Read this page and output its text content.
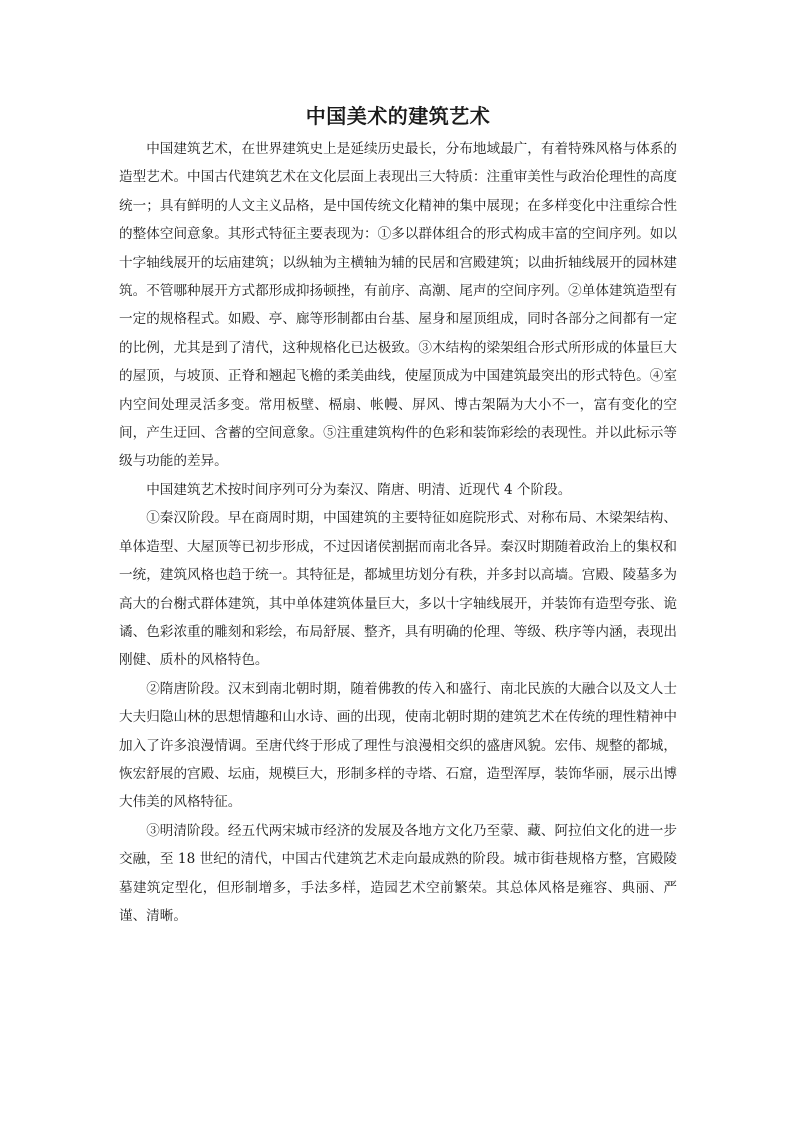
中国美术的建筑艺术

中国建筑艺术，在世界建筑史上是延续历史最长，分布地域最广，有着特殊风格与体系的造型艺术。中国古代建筑艺术在文化层面上表现出三大特质：注重审美性与政治伦理性的高度统一；具有鲜明的人文主义品格，是中国传统文化精神的集中展现；在多样变化中注重综合性的整体空间意象。其形式特征主要表现为：①多以群体组合的形式构成丰富的空间序列。如以十字轴线展开的坛庙建筑；以纵轴为主横轴为辅的民居和宫殿建筑；以曲折轴线展开的园林建筑。不管哪种展开方式都形成抑扬顿挫，有前序、高潮、尾声的空间序列。②单体建筑造型有一定的规格程式。如殿、亭、廊等形制都由台基、屋身和屋顶组成，同时各部分之间都有一定的比例，尤其是到了清代，这种规格化已达极致。③木结构的梁架组合形式所形成的体量巨大的屋顶，与坡顶、正脊和翘起飞檐的柔美曲线，使屋顶成为中国建筑最突出的形式特色。④室内空间处理灵活多变。常用板壁、槅扇、帐幔、屏风、博古架隔为大小不一，富有变化的空间，产生迂回、含蓄的空间意象。⑤注重建筑构件的色彩和装饰彩绘的表现性。并以此标示等级与功能的差异。

中国建筑艺术按时间序列可分为秦汉、隋唐、明清、近现代 4 个阶段。

①秦汉阶段。早在商周时期，中国建筑的主要特征如庭院形式、对称布局、木梁架结构、单体造型、大屋顶等已初步形成，不过因诸侯割据而南北各异。秦汉时期随着政治上的集权和一统，建筑风格也趋于统一。其特征是，都城里坊划分有秩，并多封以高墙。宫殿、陵墓多为高大的台榭式群体建筑，其中单体建筑体量巨大，多以十字轴线展开，并装饰有造型夸张、诡谲、色彩浓重的雕刻和彩绘，布局舒展、整齐，具有明确的伦理、等级、秩序等内涵，表现出刚健、质朴的风格特色。

②隋唐阶段。汉末到南北朝时期，随着佛教的传入和盛行、南北民族的大融合以及文人士大夫归隐山林的思想情趣和山水诗、画的出现，使南北朝时期的建筑艺术在传统的理性精神中加入了许多浪漫情调。至唐代终于形成了理性与浪漫相交织的盛唐风貌。宏伟、规整的都城，恢宏舒展的宫殿、坛庙，规模巨大，形制多样的寺塔、石窟，造型浑厚，装饰华丽，展示出博大伟美的风格特征。

③明清阶段。经五代两宋城市经济的发展及各地方文化乃至蒙、藏、阿拉伯文化的进一步交融，至 18 世纪的清代，中国古代建筑艺术走向最成熟的阶段。城市街巷规格方整，宫殿陵墓建筑定型化，但形制增多，手法多样，造园艺术空前繁荣。其总体风格是雍容、典丽、严谨、清晰。
